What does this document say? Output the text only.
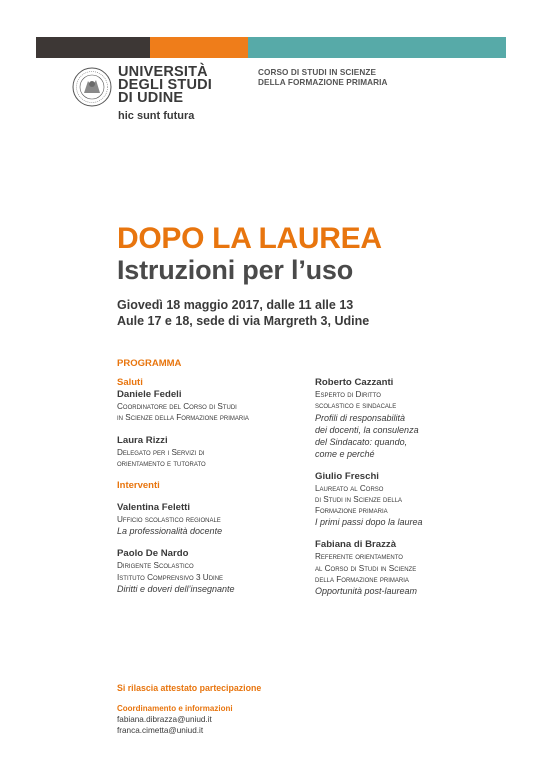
UNIVERSITÀ
DEGLI STUDI
DI UDINE
hic sunt futura
CORSO DI STUDI IN SCIENZE
DELLA FORMAZIONE PRIMARIA
DOPO LA LAUREA
Istruzioni per l’uso
Giovedì 18 maggio 2017, dalle 11 alle 13
Aule 17 e 18, sede di via Margreth 3, Udine
PROGRAMMA
Saluti
Daniele Fedeli
Coordinatore del Corso di Studi
in Scienze della Formazione primaria
Laura Rizzi
Delegato per i Servizi di
orientamento e tutorato
Interventi
Valentina Feletti
Ufficio scolastico regionale
La professionalità docente
Paolo De Nardo
Dirigente Scolastico
Istituto Comprensivo 3 Udine
Diritti e doveri dell’insegnante
Roberto Cazzanti
Esperto di Diritto
scolastico e sindacale
Profili di responsabilità
dei docenti, la consulenza
del Sindacato: quando,
come e perché
Giulio Freschi
Laureato al Corso
di Studi in Scienze della
Formazione primaria
I primi passi dopo la laurea
Fabiana di Brazzà
Referente orientamento
al Corso di Studi in Scienze
della Formazione primaria
Opportunità post-lauream
Si rilascia attestato partecipazione
Coordinamento e informazioni
fabiana.dibrazza@uniud.it
franca.cimetta@uniud.it
